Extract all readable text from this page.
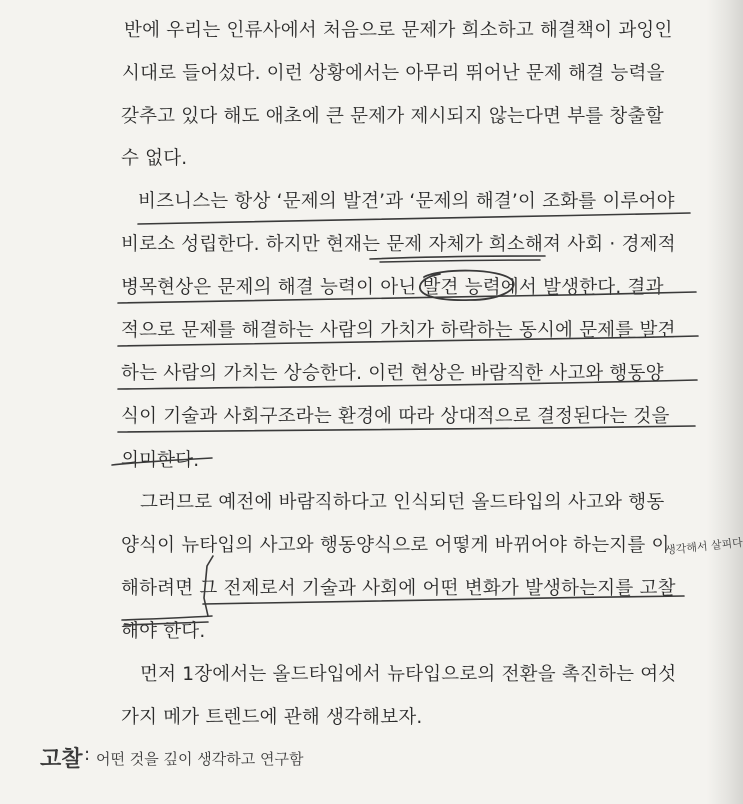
반에 우리는 인류사에서 처음으로 문제가 희소하고 해결책이 과잉인
시대로 들어섰다. 이런 상황에서는 아무리 뛰어난 문제 해결 능력을
갖추고 있다 해도 애초에 큰 문제가 제시되지 않는다면 부를 창출할
수 없다.
비즈니스는 항상 ‘문제의 발견’과 ‘문제의 해결’이 조화를 이루어야
비로소 성립한다. 하지만 현재는 문제 자체가 희소해져 사회 · 경제적
병목현상은 문제의 해결 능력이 아닌 발견 능력에서 발생한다. 결과
적으로 문제를 해결하는 사람의 가치가 하락하는 동시에 문제를 발견
하는 사람의 가치는 상승한다. 이런 현상은 바람직한 사고와 행동양
식이 기술과 사회구조라는 환경에 따라 상대적으로 결정된다는 것을
의미한다.
그러므로 예전에 바람직하다고 인식되던 올드타입의 사고와 행동
양식이 뉴타입의 사고와 행동양식으로 어떻게 바뀌어야 하는지를 이
해하려면 그 전제로서 기술과 사회에 어떤 변화가 발생하는지를 고찰
해야 한다.
먼저 1장에서는 올드타입에서 뉴타입으로의 전환을 촉진하는 여섯
가지 메가 트렌드에 관해 생각해보자.
생각해서 살피다
고찰 : 어떤 것을 깊이 생각하고 연구함
